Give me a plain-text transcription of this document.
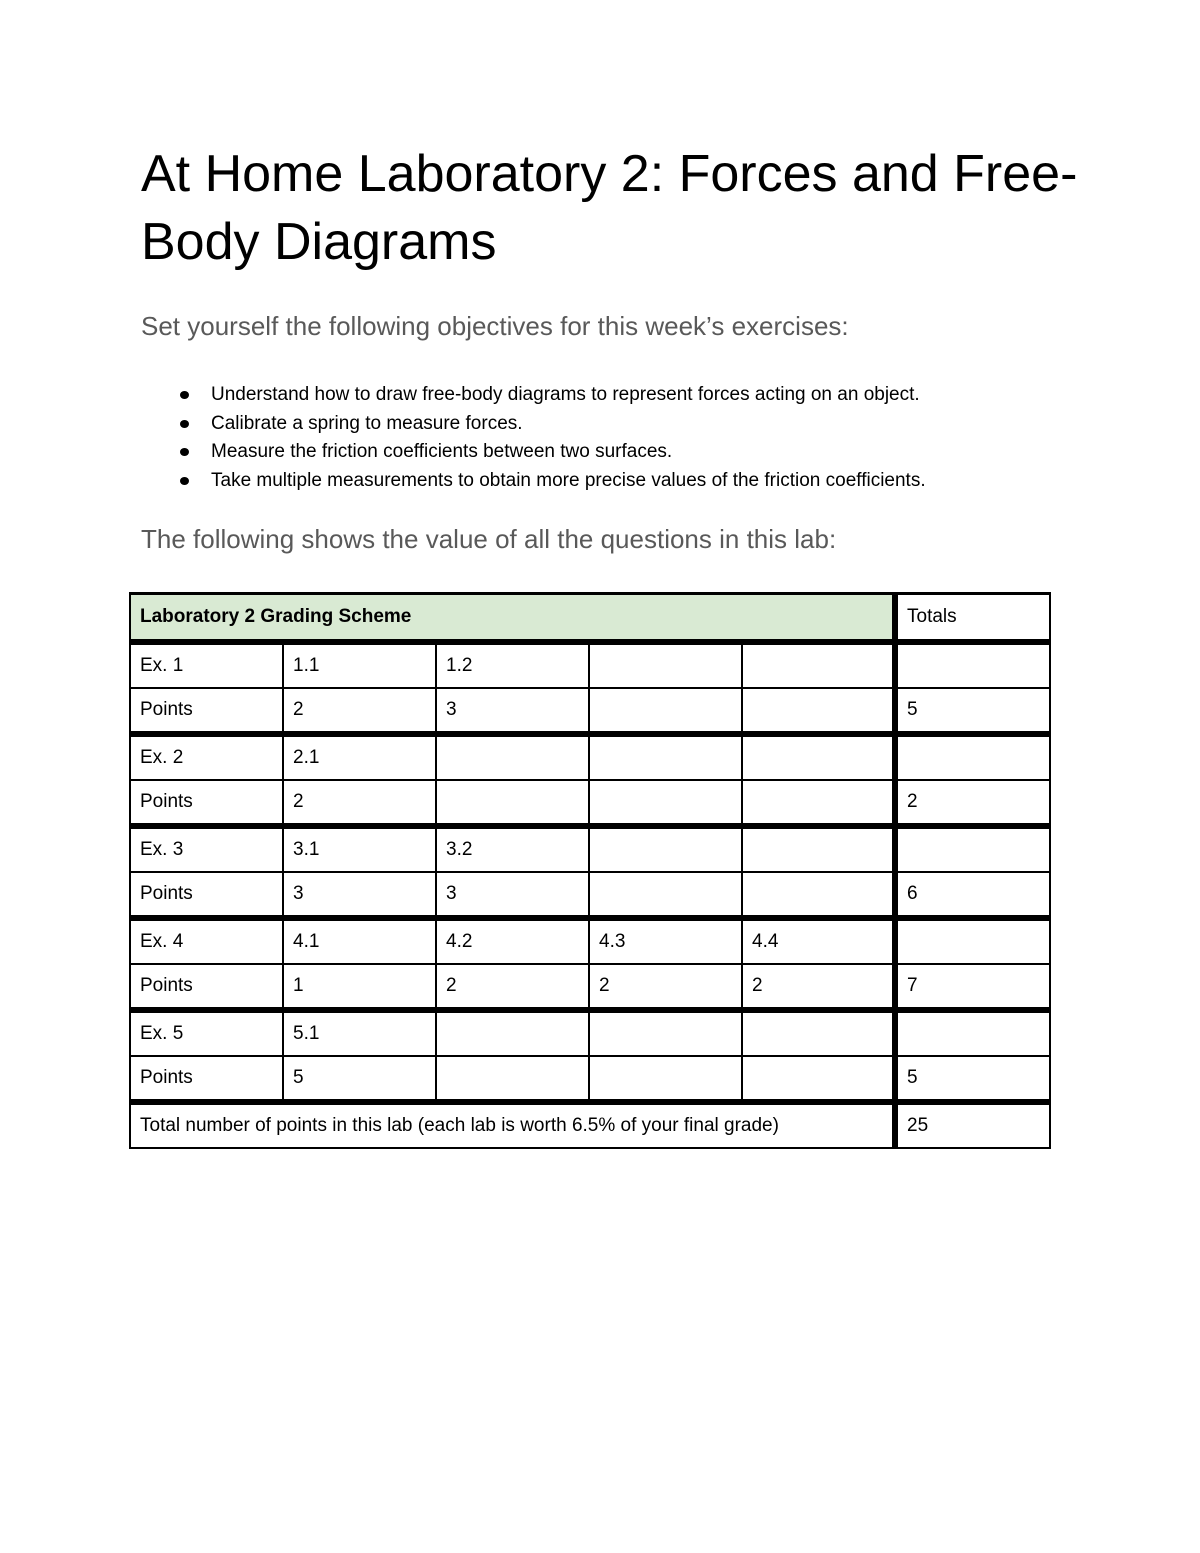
At Home Laboratory 2: Forces and Free-Body Diagrams

Set yourself the following objectives for this week’s exercises:

Understand how to draw free-body diagrams to represent forces acting on an object.
Calibrate a spring to measure forces.
Measure the friction coefficients between two surfaces.
Take multiple measurements to obtain more precise values of the friction coefficients.

The following shows the value of all the questions in this lab:

Laboratory 2 Grading Scheme					Totals
Ex. 1	1.1	1.2			
Points	2	3			5
Ex. 2	2.1				
Points	2				2
Ex. 3	3.1	3.2			
Points	3	3			6
Ex. 4	4.1	4.2	4.3	4.4	
Points	1	2	2	2	7
Ex. 5	5.1				
Points	5				5
Total number of points in this lab (each lab is worth 6.5% of your final grade)					25
